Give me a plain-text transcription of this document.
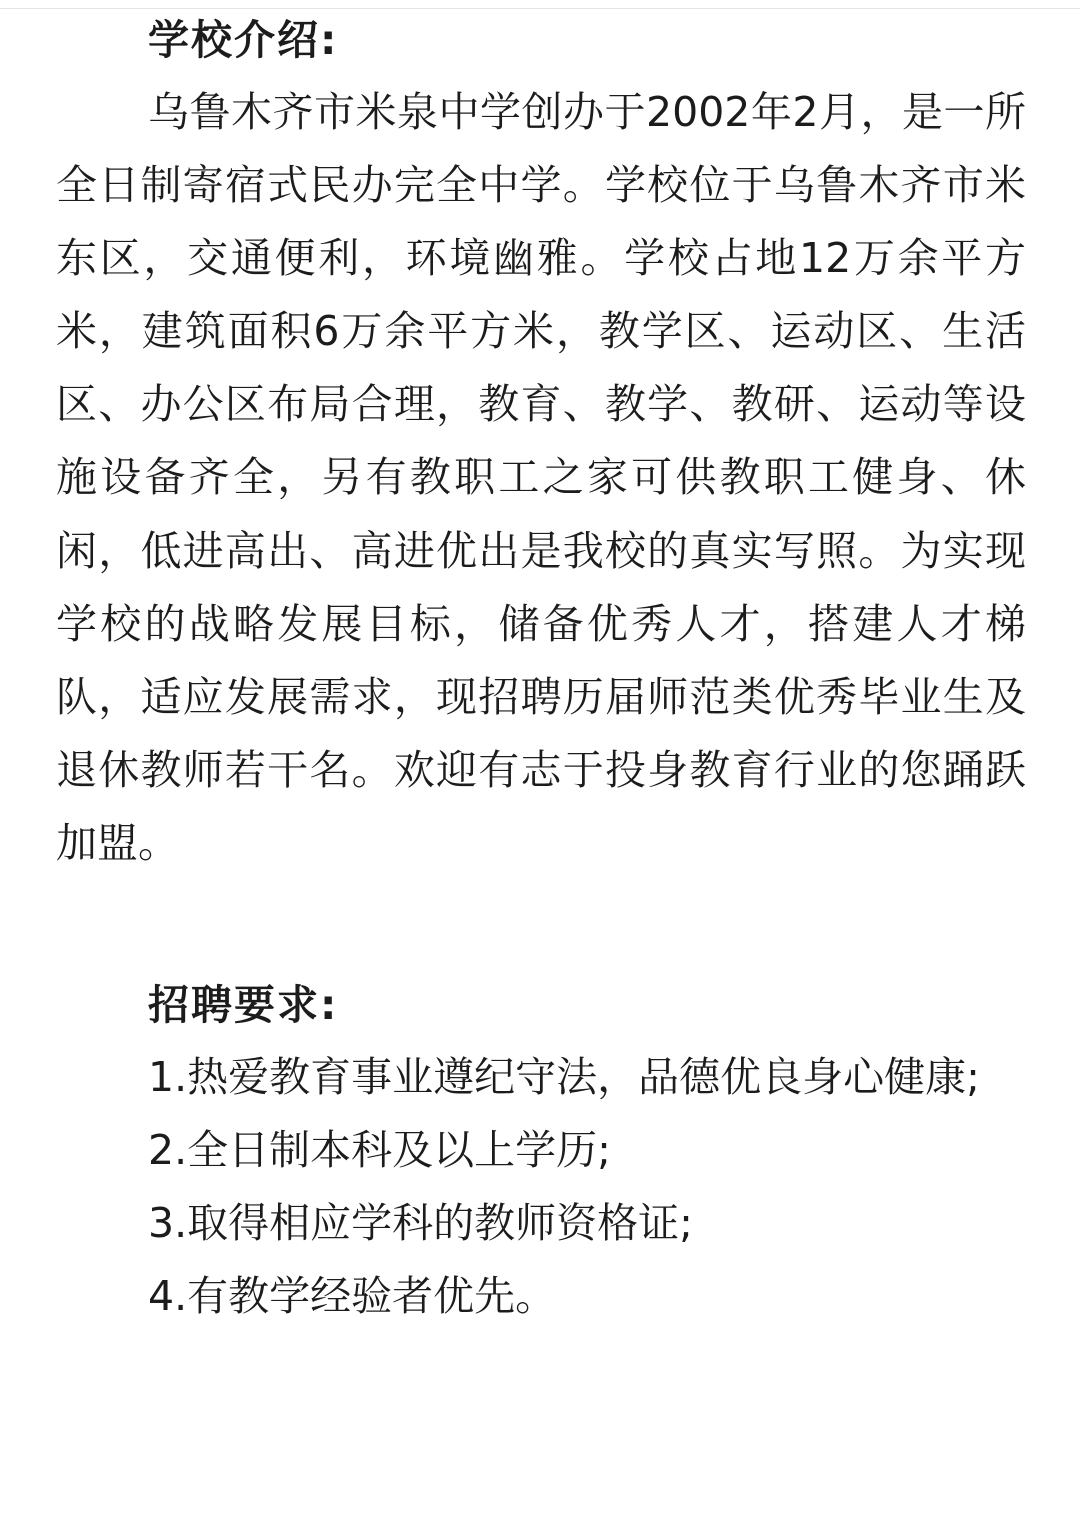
学校介绍:

乌鲁木齐市米泉中学创办于2002年2月，是一所全日制寄宿式民办完全中学。学校位于乌鲁木齐市米东区，交通便利，环境幽雅。学校占地12万余平方米，建筑面积6万余平方米，教学区、运动区、生活区、办公区布局合理，教育、教学、教研、运动等设施设备齐全，另有教职工之家可供教职工健身、休闲，低进高出、高进优出是我校的真实写照。为实现学校的战略发展目标，储备优秀人才，搭建人才梯队，适应发展需求，现招聘历届师范类优秀毕业生及退休教师若干名。欢迎有志于投身教育行业的您踊跃加盟。

招聘要求:

1.热爱教育事业遵纪守法，品德优良身心健康;

2.全日制本科及以上学历;

3.取得相应学科的教师资格证;

4.有教学经验者优先。
